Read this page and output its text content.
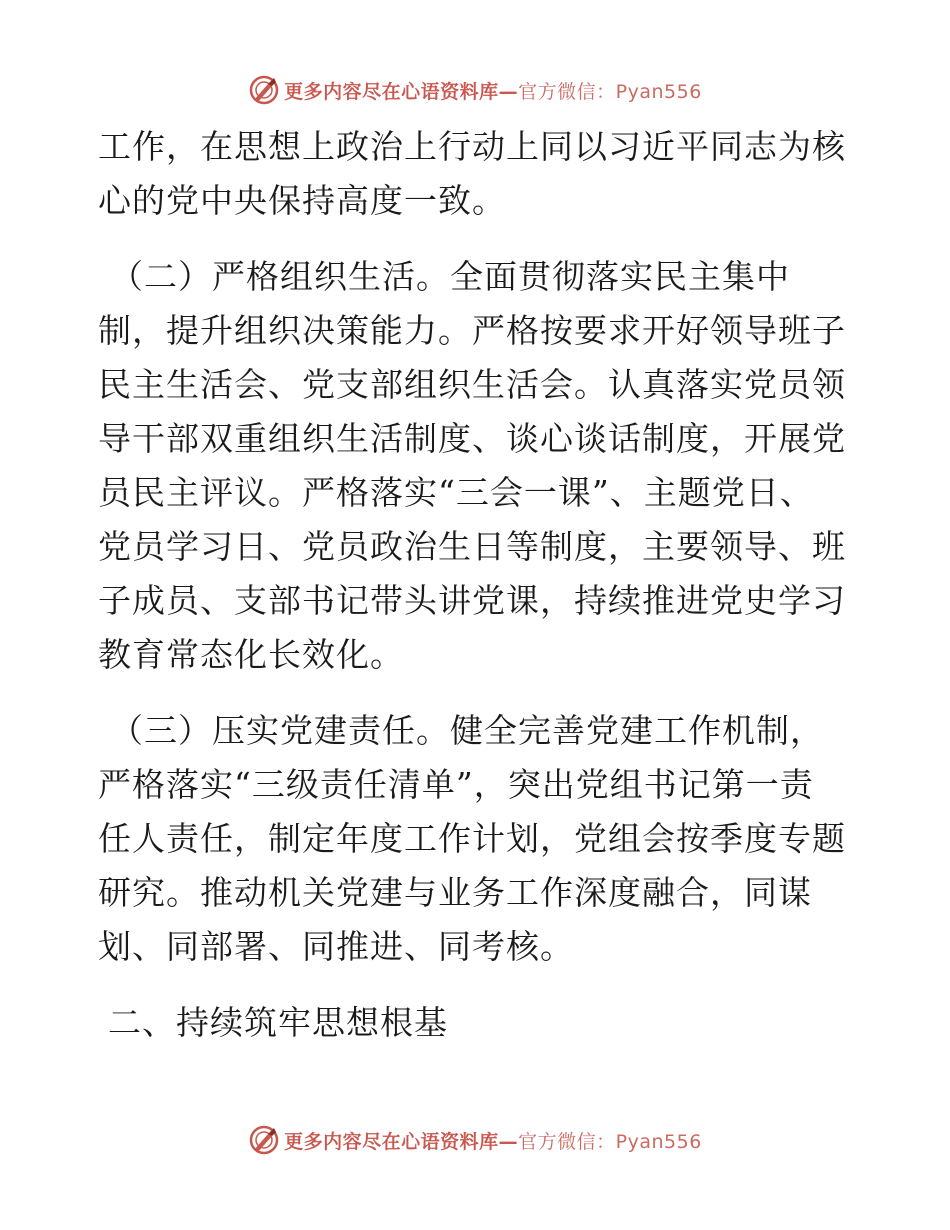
更多内容尽在心语资料库—官方微信：Pyan556
工作，在思想上政治上行动上同以习近平同志为核
心的党中央保持高度一致。
（二）严格组织生活。全面贯彻落实民主集中
制，提升组织决策能力。严格按要求开好领导班子
民主生活会、党支部组织生活会。认真落实党员领
导干部双重组织生活制度、谈心谈话制度，开展党
员民主评议。严格落实“三会一课”、主题党日、
党员学习日、党员政治生日等制度，主要领导、班
子成员、支部书记带头讲党课，持续推进党史学习
教育常态化长效化。
（三）压实党建责任。健全完善党建工作机制，
严格落实“三级责任清单”，突出党组书记第一责
任人责任，制定年度工作计划，党组会按季度专题
研究。推动机关党建与业务工作深度融合，同谋
划、同部署、同推进、同考核。
二、持续筑牢思想根基
更多内容尽在心语资料库—官方微信：Pyan556
